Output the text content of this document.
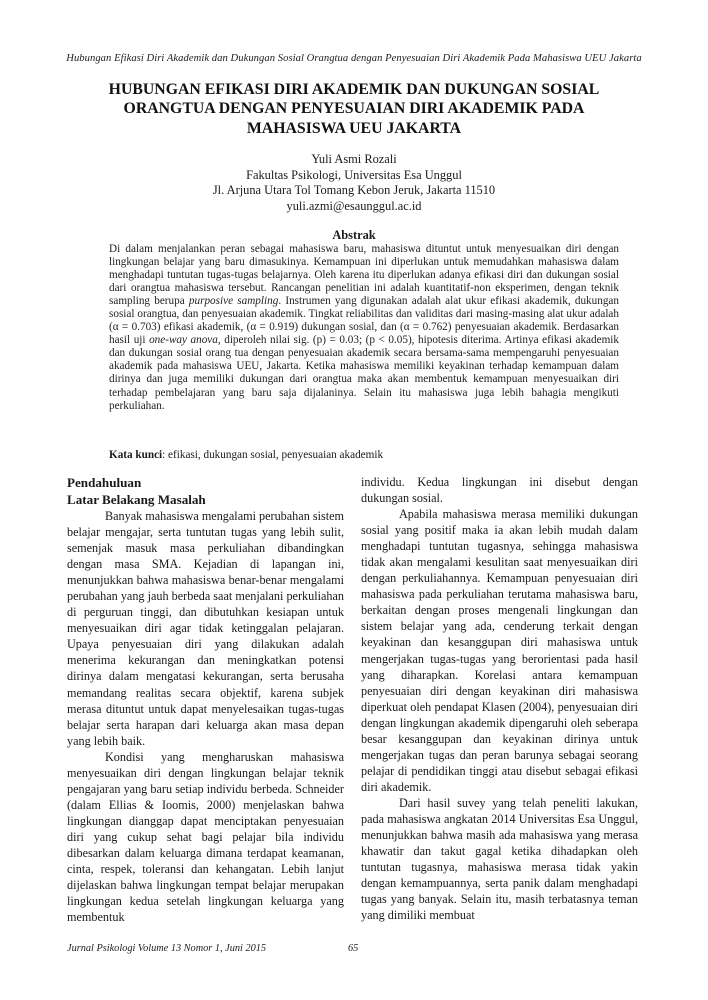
Hubungan Efikasi Diri Akademik dan Dukungan Sosial Orangtua dengan Penyesuaian Diri Akademik Pada Mahasiswa UEU Jakarta
HUBUNGAN EFIKASI DIRI AKADEMIK DAN DUKUNGAN SOSIAL ORANGTUA DENGAN PENYESUAIAN DIRI AKADEMIK PADA MAHASISWA UEU JAKARTA
Yuli Asmi Rozali
Fakultas Psikologi, Universitas Esa Unggul
Jl. Arjuna Utara Tol Tomang Kebon Jeruk, Jakarta 11510
yuli.azmi@esaunggul.ac.id
Abstrak
Di dalam menjalankan peran sebagai mahasiswa baru, mahasiswa dituntut untuk menyesuaikan diri dengan lingkungan belajar yang baru dimasukinya. Kemampuan ini diperlukan untuk memudahkan mahasiswa dalam menghadapi tuntutan tugas-tugas belajarnya. Oleh karena itu diperlukan adanya efikasi diri dan dukungan sosial dari orangtua mahasiswa tersebut. Rancangan penelitian ini adalah kuantitatif-non eksperimen, dengan teknik sampling berupa purposive sampling. Instrumen yang digunakan adalah alat ukur efikasi akademik, dukungan sosial orangtua, dan penyesuaian akademik. Tingkat reliabilitas dan validitas dari masing-masing alat ukur adalah (α = 0.703) efikasi akademik, (α = 0.919) dukungan sosial, dan (α = 0.762) penyesuaian akademik. Berdasarkan hasil uji one-way anova, diperoleh nilai sig. (p) = 0.03; (p < 0.05), hipotesis diterima. Artinya efikasi akademik dan dukungan sosial orang tua dengan penyesuaian akademik secara bersama-sama mempengaruhi penyesuaian akademik pada mahasiswa UEU, Jakarta. Ketika mahasiswa memiliki keyakinan terhadap kemampuan dalam dirinya dan juga memiliki dukungan dari orangtua maka akan membentuk kemampuan menyesuaikan diri terhadap pembelajaran yang baru saja dijalaninya. Selain itu mahasiswa juga lebih bahagia mengikuti perkuliahan.
Kata kunci: efikasi, dukungan sosial, penyesuaian akademik

Pendahuluan

Latar Belakang Masalah

Banyak mahasiswa mengalami perubahan sistem belajar mengajar, serta tuntutan tugas yang lebih sulit, semenjak masuk masa perkuliahan dibandingkan dengan masa SMA. Kejadian di lapangan ini, menunjukkan bahwa mahasiswa benar-benar mengalami perubahan yang jauh berbeda saat menjalani perkuliahan di perguruan tinggi, dan dibutuhkan kesiapan untuk menyesuaikan diri agar tidak ketinggalan pelajaran. Upaya penyesuaian diri yang dilakukan adalah menerima kekurangan dan meningkatkan potensi dirinya dalam mengatasi kekurangan, serta berusaha memandang realitas secara objektif, karena subjek merasa dituntut untuk dapat menyelesaikan tugas-tugas belajar serta harapan dari keluarga akan masa depan yang lebih baik.

Kondisi yang mengharuskan mahasiswa menyesuaikan diri dengan lingkungan belajar teknik pengajaran yang baru setiap individu berbeda. Schneider (dalam Ellias & Ioomis, 2000) menjelaskan bahwa lingkungan dianggap dapat menciptakan penyesuaian diri yang cukup sehat bagi pelajar bila individu dibesarkan dalam keluarga dimana terdapat keamanan, cinta, respek, toleransi dan kehangatan. Lebih lanjut dijelaskan bahwa lingkungan tempat belajar merupakan lingkungan kedua setelah lingkungan keluarga yang membentuk

individu. Kedua lingkungan ini disebut dengan dukungan sosial.

Apabila mahasiswa merasa memiliki dukungan sosial yang positif maka ia akan lebih mudah dalam menghadapi tuntutan tugasnya, sehingga mahasiswa tidak akan mengalami kesulitan saat menyesuaikan diri dengan perkuliahannya. Kemampuan penyesuaian diri mahasiswa pada perkuliahan terutama mahasiswa baru, berkaitan dengan proses mengenali lingkungan dan sistem belajar yang ada, cenderung terkait dengan keyakinan dan kesanggupan diri mahasiswa untuk mengerjakan tugas-tugas yang berorientasi pada hasil yang diharapkan. Korelasi antara kemampuan penyesuaian diri dengan keyakinan diri mahasiswa diperkuat oleh pendapat Klasen (2004), penyesuaian diri dengan lingkungan akademik dipengaruhi oleh seberapa besar kesanggupan dan keyakinan dirinya untuk mengerjakan tugas dan peran barunya sebagai seorang pelajar di pendidikan tinggi atau disebut sebagai efikasi diri akademik.

Dari hasil suvey yang telah peneliti lakukan, pada mahasiswa angkatan 2014 Universitas Esa Unggul, menunjukkan bahwa masih ada mahasiswa yang merasa khawatir dan takut gagal ketika dihadapkan oleh tuntutan tugasnya, mahasiswa merasa tidak yakin dengan kemampuannya, serta panik dalam menghadapi tugas yang banyak. Selain itu, masih terbatasnya teman yang dimiliki membuat

Jurnal Psikologi Volume 13 Nomor 1, Juni 2015	65
